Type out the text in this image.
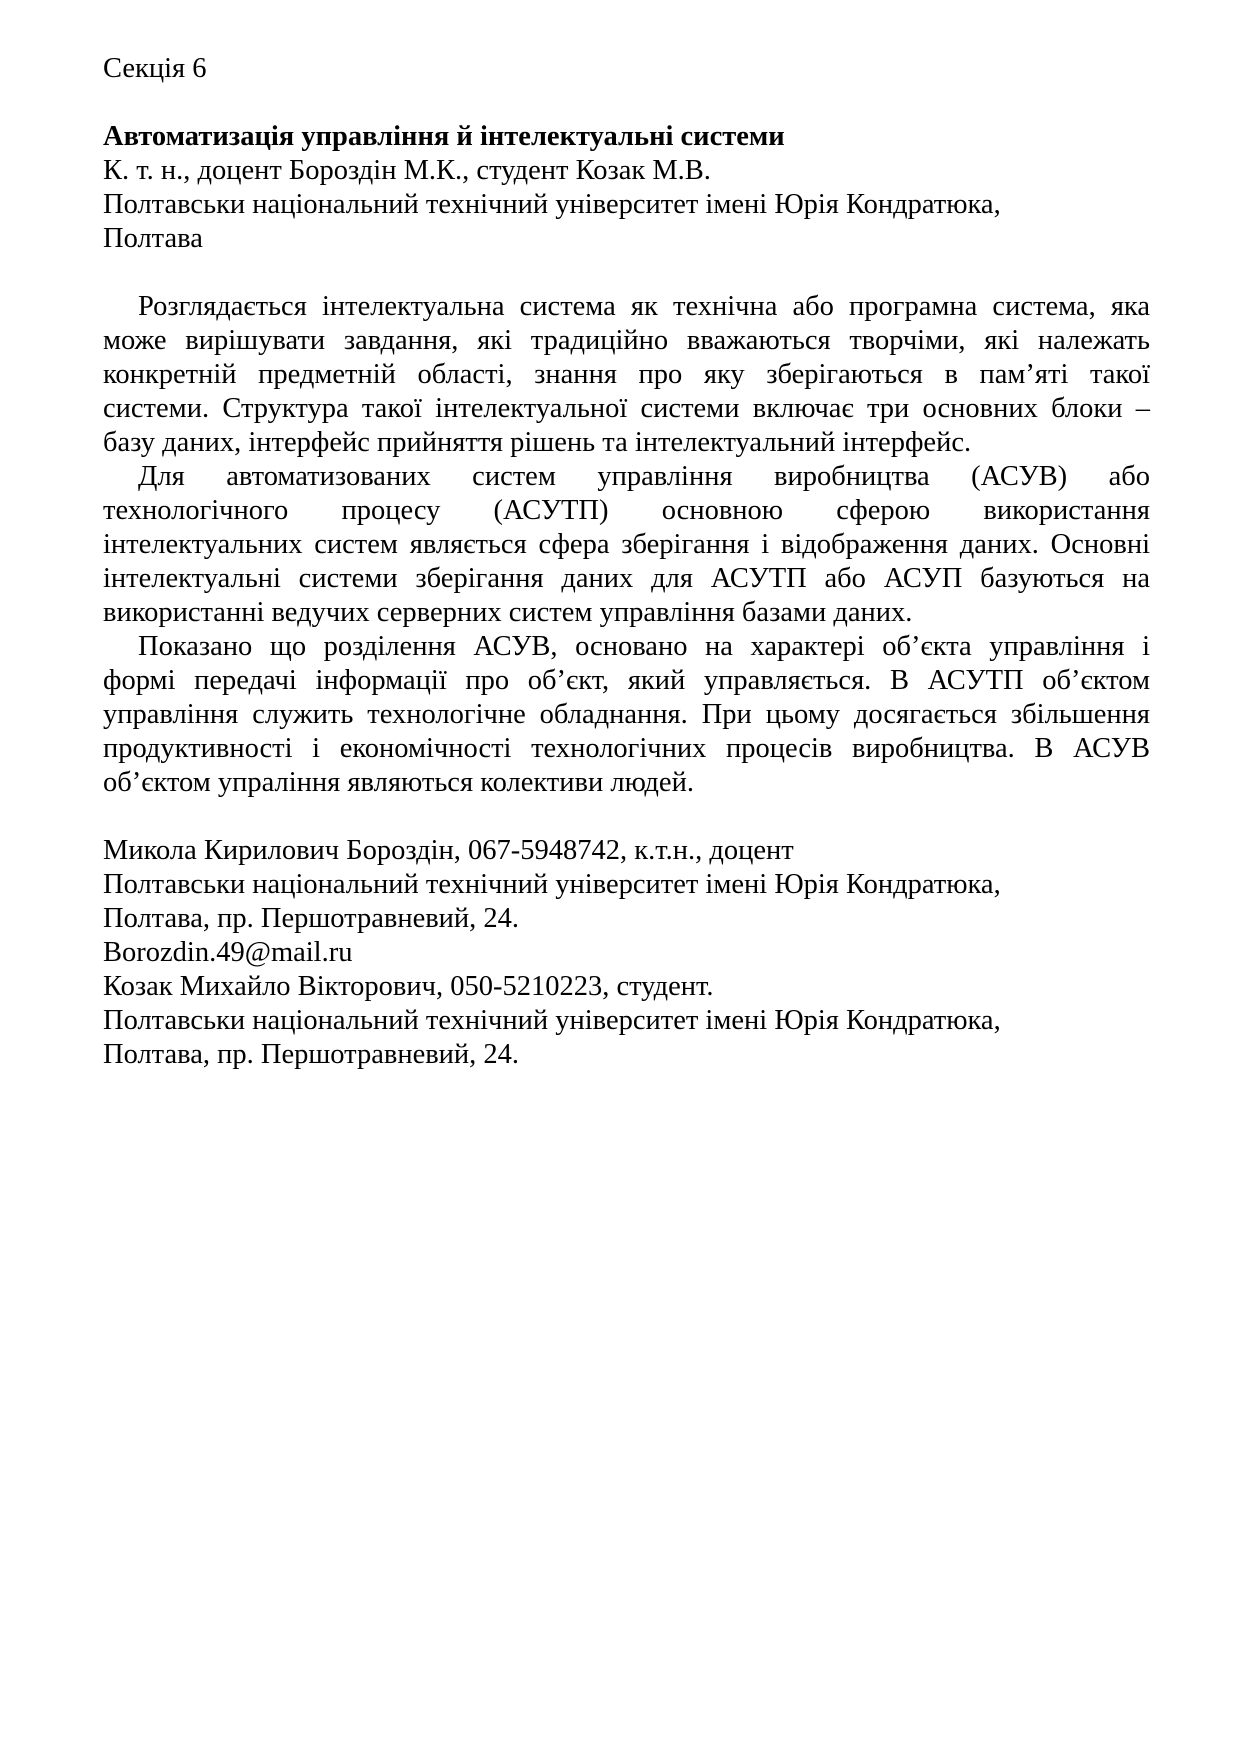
Секція 6
Автоматизація управління й інтелектуальні системи
К. т. н., доцент Бороздін М.К., студент Козак М.В.
Полтавськи національний технічний університет імені Юрія Кондратюка,
Полтава
Розглядається інтелектуальна система як технічна або програмна система, яка
може вирішувати завдання, які традиційно вважаються творчіми, які належать
конкретній предметній області, знання про яку зберігаються в пам’яті такої
системи. Структура такої інтелектуальної системи включає три основних блоки –
базу даних, інтерфейс прийняття рішень та інтелектуальний інтерфейс.
Для автоматизованих систем управління виробництва (АСУВ) або
технологічного процесу (АСУТП) основною сферою використання
інтелектуальних систем являється сфера зберігання і відображення даних. Основні
інтелектуальні системи зберігання даних для АСУТП або АСУП базуються на
використанні ведучих серверних систем управління базами даних.
Показано що розділення АСУВ, основано на характері об’єкта управління і
формі передачі інформації про об’єкт, який управляється. В АСУТП об’єктом
управління служить технологічне обладнання. При цьому досягається збільшення
продуктивності і економічності технологічних процесів виробництва. В АСУВ
об’єктом упраління являються колективи людей.
Микола Кирилович Бороздін, 067-5948742, к.т.н., доцент
Полтавськи національний технічний університет імені Юрія Кондратюка,
Полтава, пр. Першотравневий, 24.
Borozdin.49@mail.ru
Козак Михайло Вікторович, 050-5210223, студент.
Полтавськи національний технічний університет імені Юрія Кондратюка,
Полтава, пр. Першотравневий, 24.
